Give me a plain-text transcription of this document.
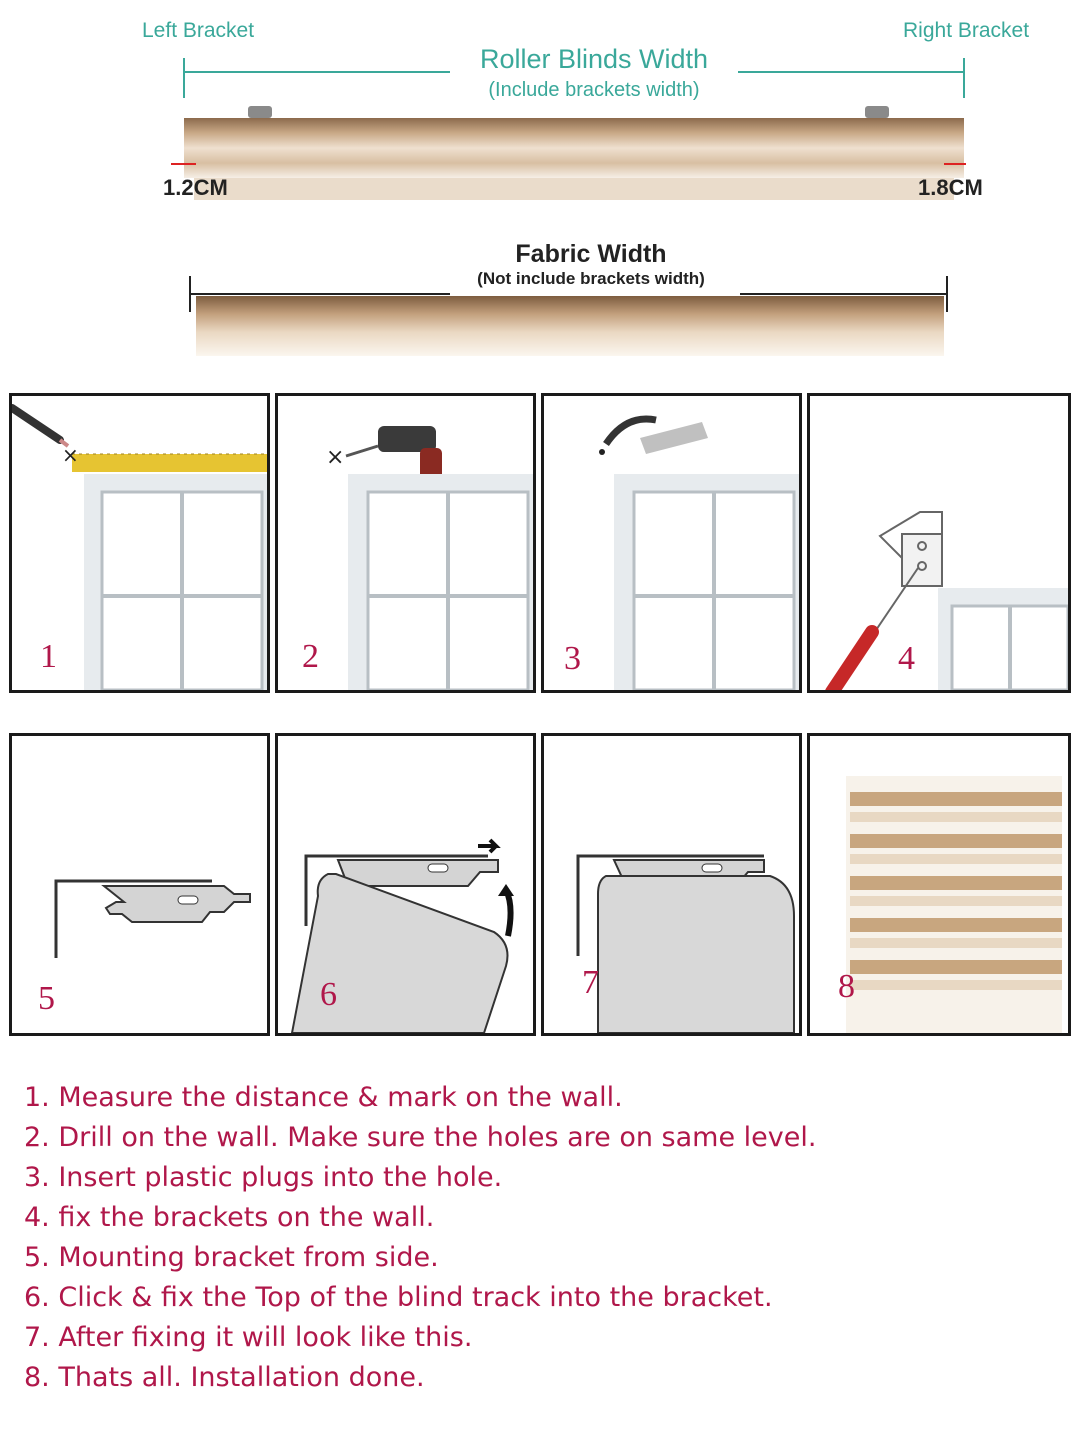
Left Bracket	Right Bracket
Roller Blinds Width
(Include brackets width)
1.2CM	1.8CM
Fabric Width
(Not include brackets width)
×
1
×
2	3	4
5	6	7	8
1. Measure the distance & mark on the wall.
2. Drill on the wall. Make sure the holes are on same level.
3. Insert plastic plugs into the hole.
4. fix the brackets on the wall.
5. Mounting bracket from side.
6. Click & fix the Top of the blind track into the bracket.
7. After fixing it will look like this.
8. Thats all. Installation done.
